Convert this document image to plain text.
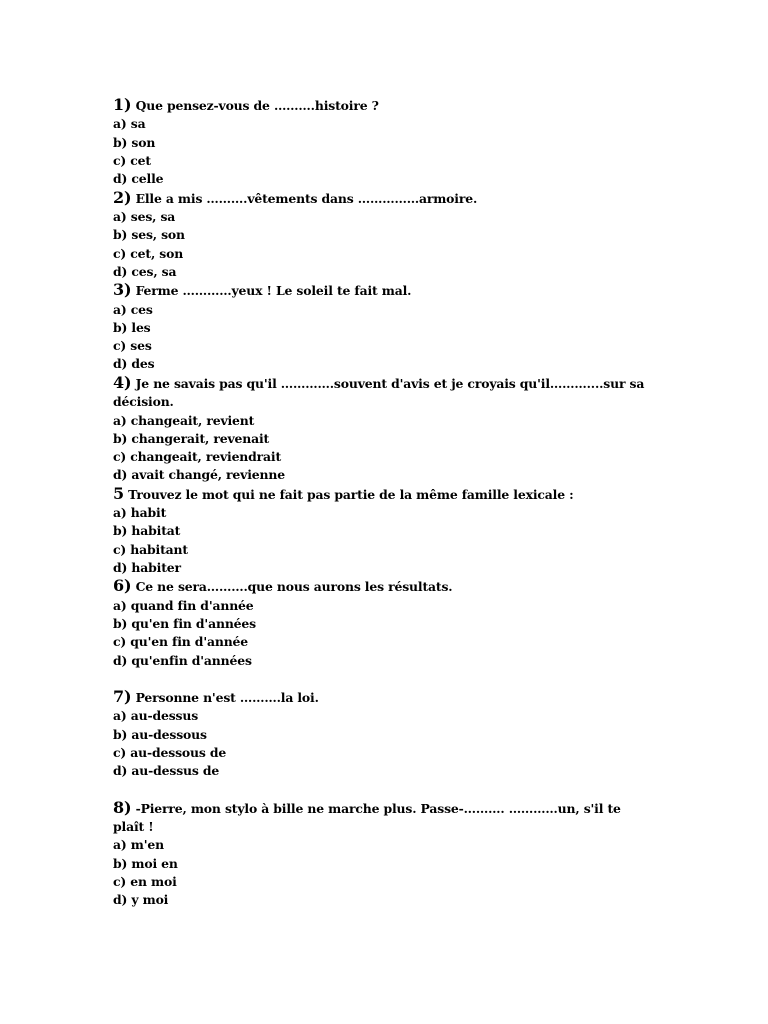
1) Que pensez-vous de ……….histoire ?
a) sa
b) son
c) cet
d) celle
2) Elle a mis ……….vêtements dans ……………armoire.
a) ses, sa
b) ses, son
c) cet, son
d) ces, sa
3) Ferme …………yeux ! Le soleil te fait mal.
a) ces
b) les
c) ses
d) des
4) Je ne savais pas qu'il ………….souvent d'avis et je croyais qu'il………....sur sa décision.
a) changeait, revient
b) changerait, revenait
c) changeait, reviendrait
d) avait changé, revienne
5 Trouvez le mot qui ne fait pas partie de la même famille lexicale :
a) habit
b) habitat
c) habitant
d) habiter
6) Ce ne sera……….que nous aurons les résultats.
a) quand fin d'année
b) qu'en fin d'années
c) qu'en fin d'année
d) qu'enfin d'années
7) Personne n'est ……….la loi.
a) au-dessus
b) au-dessous
c) au-dessous de
d) au-dessus de
8) -Pierre, mon stylo à bille ne marche plus. Passe-………. …………un, s'il te plaît !
a) m'en
b) moi en
c) en moi
d) y moi
